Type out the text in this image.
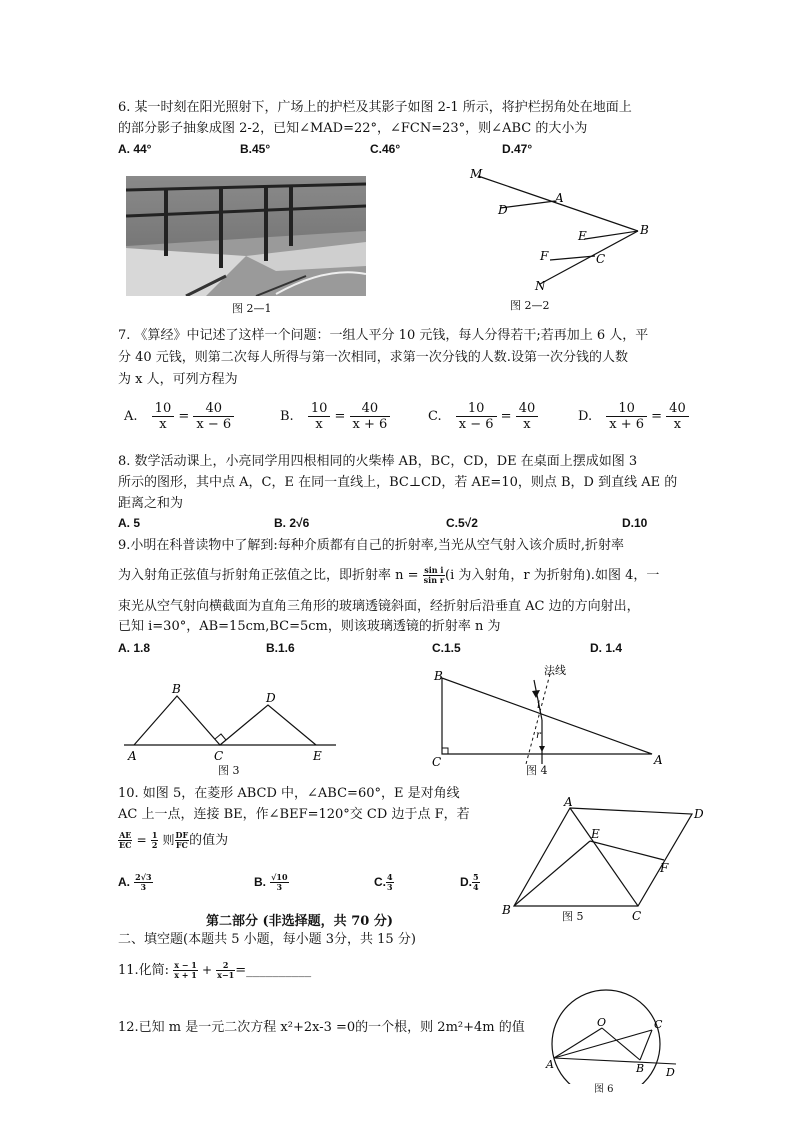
6. 某一时刻在阳光照射下，广场上的护栏及其影子如图 2-1 所示，将护栏拐角处在地面上
的部分影子抽象成图 2-2，已知∠MAD=22°，∠FCN=23°，则∠ABC 的大小为
A. 44°	B.45°	C.46°	D.47°
图 2—1
M
A
D
E	B
F	C
N
图 2—2
7. 《算经》中记述了这样一个问题：一组人平分 10 元钱，每人分得若干;若再加上 6 人，平
分 40 元钱，则第二次每人所得与第一次相同，求第一次分钱的人数.设第一次分钱的人数
为 x 人，可列方程为
A. $\frac{10}{x} = \frac{40}{x - 6}$	B. $\frac{10}{x} = \frac{40}{x + 6}$	C. $\frac{10}{x - 6} = \frac{40}{x}$	D. $\frac{10}{x + 6} = \frac{40}{x}$
8. 数学活动课上，小亮同学用四根相同的火柴棒 AB，BC，CD，DE 在桌面上摆成如图 3
所示的图形，其中点 A，C，E 在同一直线上，BC⊥CD，若 AE=10，则点 B，D 到直线 AE 的
距离之和为
A. 5	B. 2√6	C.5√2	D.10
9.小明在科普读物中了解到:每种介质都有自己的折射率,当光从空气射入该介质时,折射率
为入射角正弦值与折射角正弦值之比，即折射率 $n = \frac{\text{sin i}}{\text{sin r}} (i$ 为入射角，r 为折射角).如图 4，一
束光从空气射向横截面为直角三角形的玻璃透镜斜面，经折射后沿垂直 AC 边的方向射出，
已知 i=30°，AB=15cm,BC=5cm，则该玻璃透镜的折射率 n 为
A. 1.8	B.1.6	C.1.5	D. 1.4
A
B
C
D
E
图 3
B
C	A
法线
i
r
图 4
10. 如图 5，在菱形 ABCD 中，∠ABC=60°，E 是对角线
AC 上一点，连接 BE，作∠BEF=120°交 CD 边于点 F，若
$\frac{AE}{EC} = \frac{1}{2}$ 则 $\frac{DF}{FC}$ 的值为
A. $\frac{2√3}{3}$	B. $\frac{√10}{3}$	C. $\frac{4}{3}$	D. $\frac{5}{4}$
A
D
E
F
B	C
图 5
第二部分 (非选择题，共 70 分)
二、填空题(本题共 5 小题，每小题 3分，共 15 分)
11.化简: $\frac{x - 1}{x + 1} + \frac{2}{x-1}$ =__________
12.已知 m 是一元二次方程 x²+2x-3 =0的一个根，则 2m²+4m 的值	O	C
A	B D
图 6
